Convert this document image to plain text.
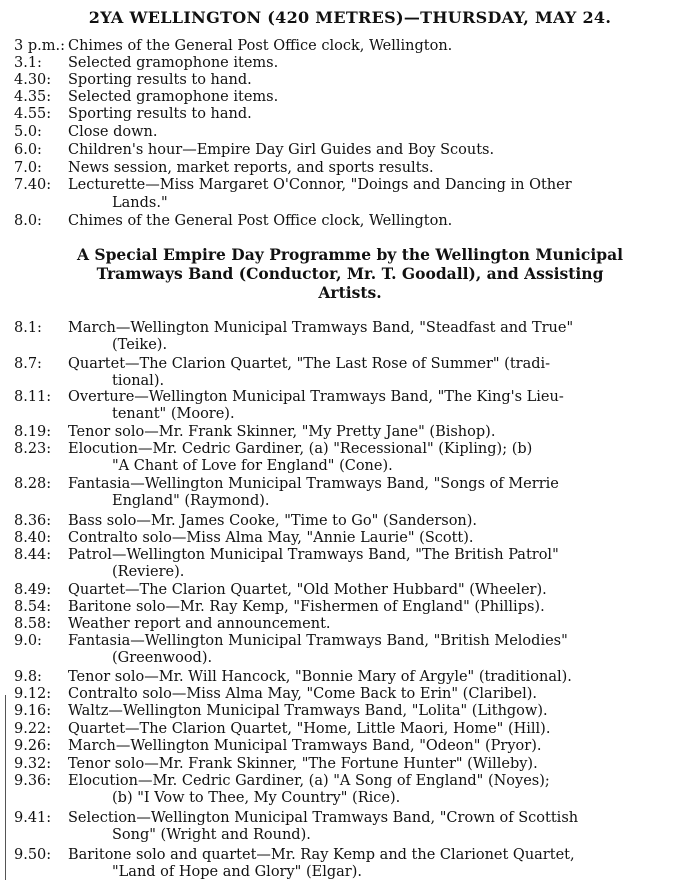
2YA WELLINGTON (420 METRES)—THURSDAY, MAY 24.
3 p.m.: Chimes of the General Post Office clock, Wellington.
3.1: Selected gramophone items.
4.30: Sporting results to hand.
4.35: Selected gramophone items.
4.55: Sporting results to hand.
5.0: Close down.
6.0: Children's hour—Empire Day Girl Guides and Boy Scouts.
7.0: News session, market reports, and sports results.
7.40: Lecturette—Miss Margaret O'Connor, "Doings and Dancing in Other
Lands."
8.0: Chimes of the General Post Office clock, Wellington.
A Special Empire Day Programme by the Wellington Municipal
Tramways Band (Conductor, Mr. T. Goodall), and Assisting
Artists.
8.1: March—Wellington Municipal Tramways Band, "Steadfast and True"
(Teike).
8.7: Quartet—The Clarion Quartet, "The Last Rose of Summer" (tradi-
tional).
8.11: Overture—Wellington Municipal Tramways Band, "The King's Lieu-
tenant" (Moore).
8.19: Tenor solo—Mr. Frank Skinner, "My Pretty Jane" (Bishop).
8.23: Elocution—Mr. Cedric Gardiner, (a) "Recessional" (Kipling); (b)
"A Chant of Love for England" (Cone).
8.28: Fantasia—Wellington Municipal Tramways Band, "Songs of Merrie
England" (Raymond).
8.36: Bass solo—Mr. James Cooke, "Time to Go" (Sanderson).
8.40: Contralto solo—Miss Alma May, "Annie Laurie" (Scott).
8.44: Patrol—Wellington Municipal Tramways Band, "The British Patrol"
(Reviere).
8.49: Quartet—The Clarion Quartet, "Old Mother Hubbard" (Wheeler).
8.54: Baritone solo—Mr. Ray Kemp, "Fishermen of England" (Phillips).
8.58: Weather report and announcement.
9.0: Fantasia—Wellington Municipal Tramways Band, "British Melodies"
(Greenwood).
9.8: Tenor solo—Mr. Will Hancock, "Bonnie Mary of Argyle" (traditional).
9.12: Contralto solo—Miss Alma May, "Come Back to Erin" (Claribel).
9.16: Waltz—Wellington Municipal Tramways Band, "Lolita" (Lithgow).
9.22: Quartet—The Clarion Quartet, "Home, Little Maori, Home" (Hill).
9.26: March—Wellington Municipal Tramways Band, "Odeon" (Pryor).
9.32: Tenor solo—Mr. Frank Skinner, "The Fortune Hunter" (Willeby).
9.36: Elocution—Mr. Cedric Gardiner, (a) "A Song of England" (Noyes);
(b) "I Vow to Thee, My Country" (Rice).
9.41: Selection—Wellington Municipal Tramways Band, "Crown of Scottish
Song" (Wright and Round).
9.50: Baritone solo and quartet—Mr. Ray Kemp and the Clarionet Quartet,
"Land of Hope and Glory" (Elgar).
